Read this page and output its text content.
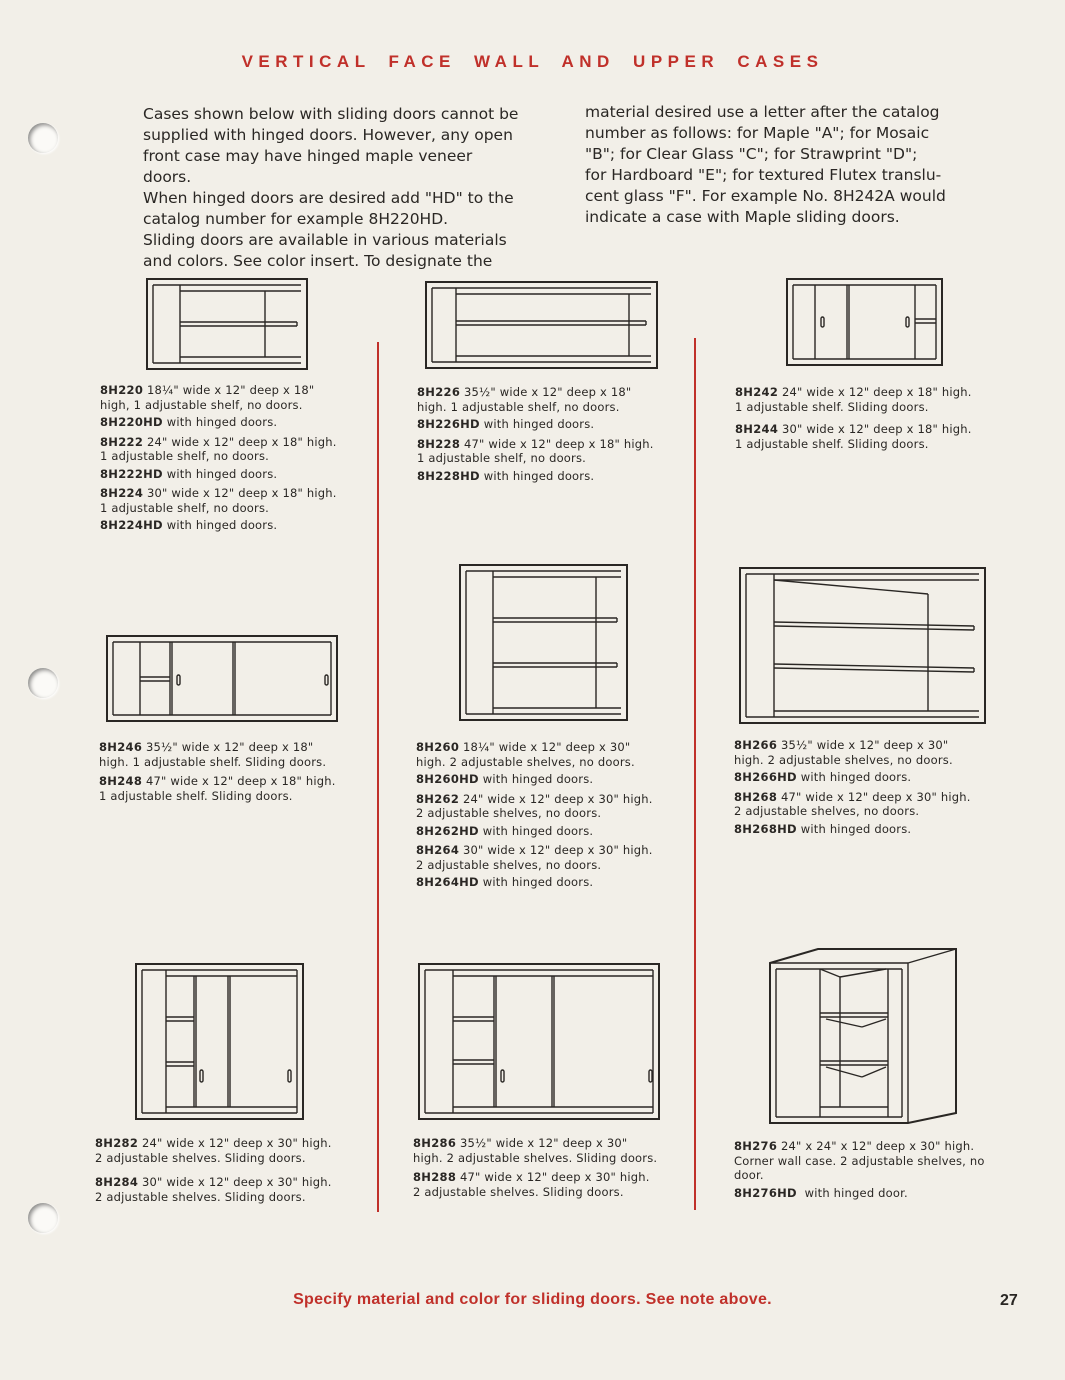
VERTICAL FACE WALL AND UPPER CASES

Cases shown below with sliding doors cannot be

supplied with hinged doors. However, any open

front case may have hinged maple veneer doors.

When hinged doors are desired add "HD" to the

catalog number for example 8H220HD.

Sliding doors are available in various materials

and colors. See color insert. To designate the

material desired use a letter after the catalog

number as follows: for Maple "A"; for Mosaic

"B"; for Clear Glass "C"; for Strawprint "D";

for Hardboard "E"; for textured Flutex translu-

cent glass "F". For example No. 8H242A would

indicate a case with Maple sliding doors.

8H220 18¼" wide x 12" deep x 18"
high, 1 adjustable shelf, no doors.
8H220HD with hinged doors.
8H222 24" wide x 12" deep x 18" high.
1 adjustable shelf, no doors.
8H222HD with hinged doors.
8H224 30" wide x 12" deep x 18" high.
1 adjustable shelf, no doors.
8H224HD with hinged doors.
8H226 35½" wide x 12" deep x 18"
high. 1 adjustable shelf, no doors.
8H226HD with hinged doors.
8H228 47" wide x 12" deep x 18" high.
1 adjustable shelf, no doors.
8H228HD with hinged doors.
8H242 24" wide x 12" deep x 18" high.
1 adjustable shelf. Sliding doors.
8H244 30" wide x 12" deep x 18" high.
1 adjustable shelf. Sliding doors.
8H246 35½" wide x 12" deep x 18"
high. 1 adjustable shelf. Sliding doors.
8H248 47" wide x 12" deep x 18" high.
1 adjustable shelf. Sliding doors.
8H260 18¼" wide x 12" deep x 30"
high. 2 adjustable shelves, no doors.
8H260HD with hinged doors.
8H262 24" wide x 12" deep x 30" high.
2 adjustable shelves, no doors.
8H262HD with hinged doors.
8H264 30" wide x 12" deep x 30" high.
2 adjustable shelves, no doors.
8H264HD with hinged doors.
8H266 35½" wide x 12" deep x 30"
high. 2 adjustable shelves, no doors.
8H266HD with hinged doors.
8H268 47" wide x 12" deep x 30" high.
2 adjustable shelves, no doors.
8H268HD with hinged doors.
8H282 24" wide x 12" deep x 30" high.
2 adjustable shelves. Sliding doors.
8H284 30" wide x 12" deep x 30" high.
2 adjustable shelves. Sliding doors.
8H286 35½" wide x 12" deep x 30"
high. 2 adjustable shelves. Sliding doors.
8H288 47" wide x 12" deep x 30" high.
2 adjustable shelves. Sliding doors.
8H276 24" x 24" x 12" deep x 30" high.
Corner wall case. 2 adjustable shelves, no door.
8H276HD with hinged door.
Specify material and color for sliding doors. See note above.	27
